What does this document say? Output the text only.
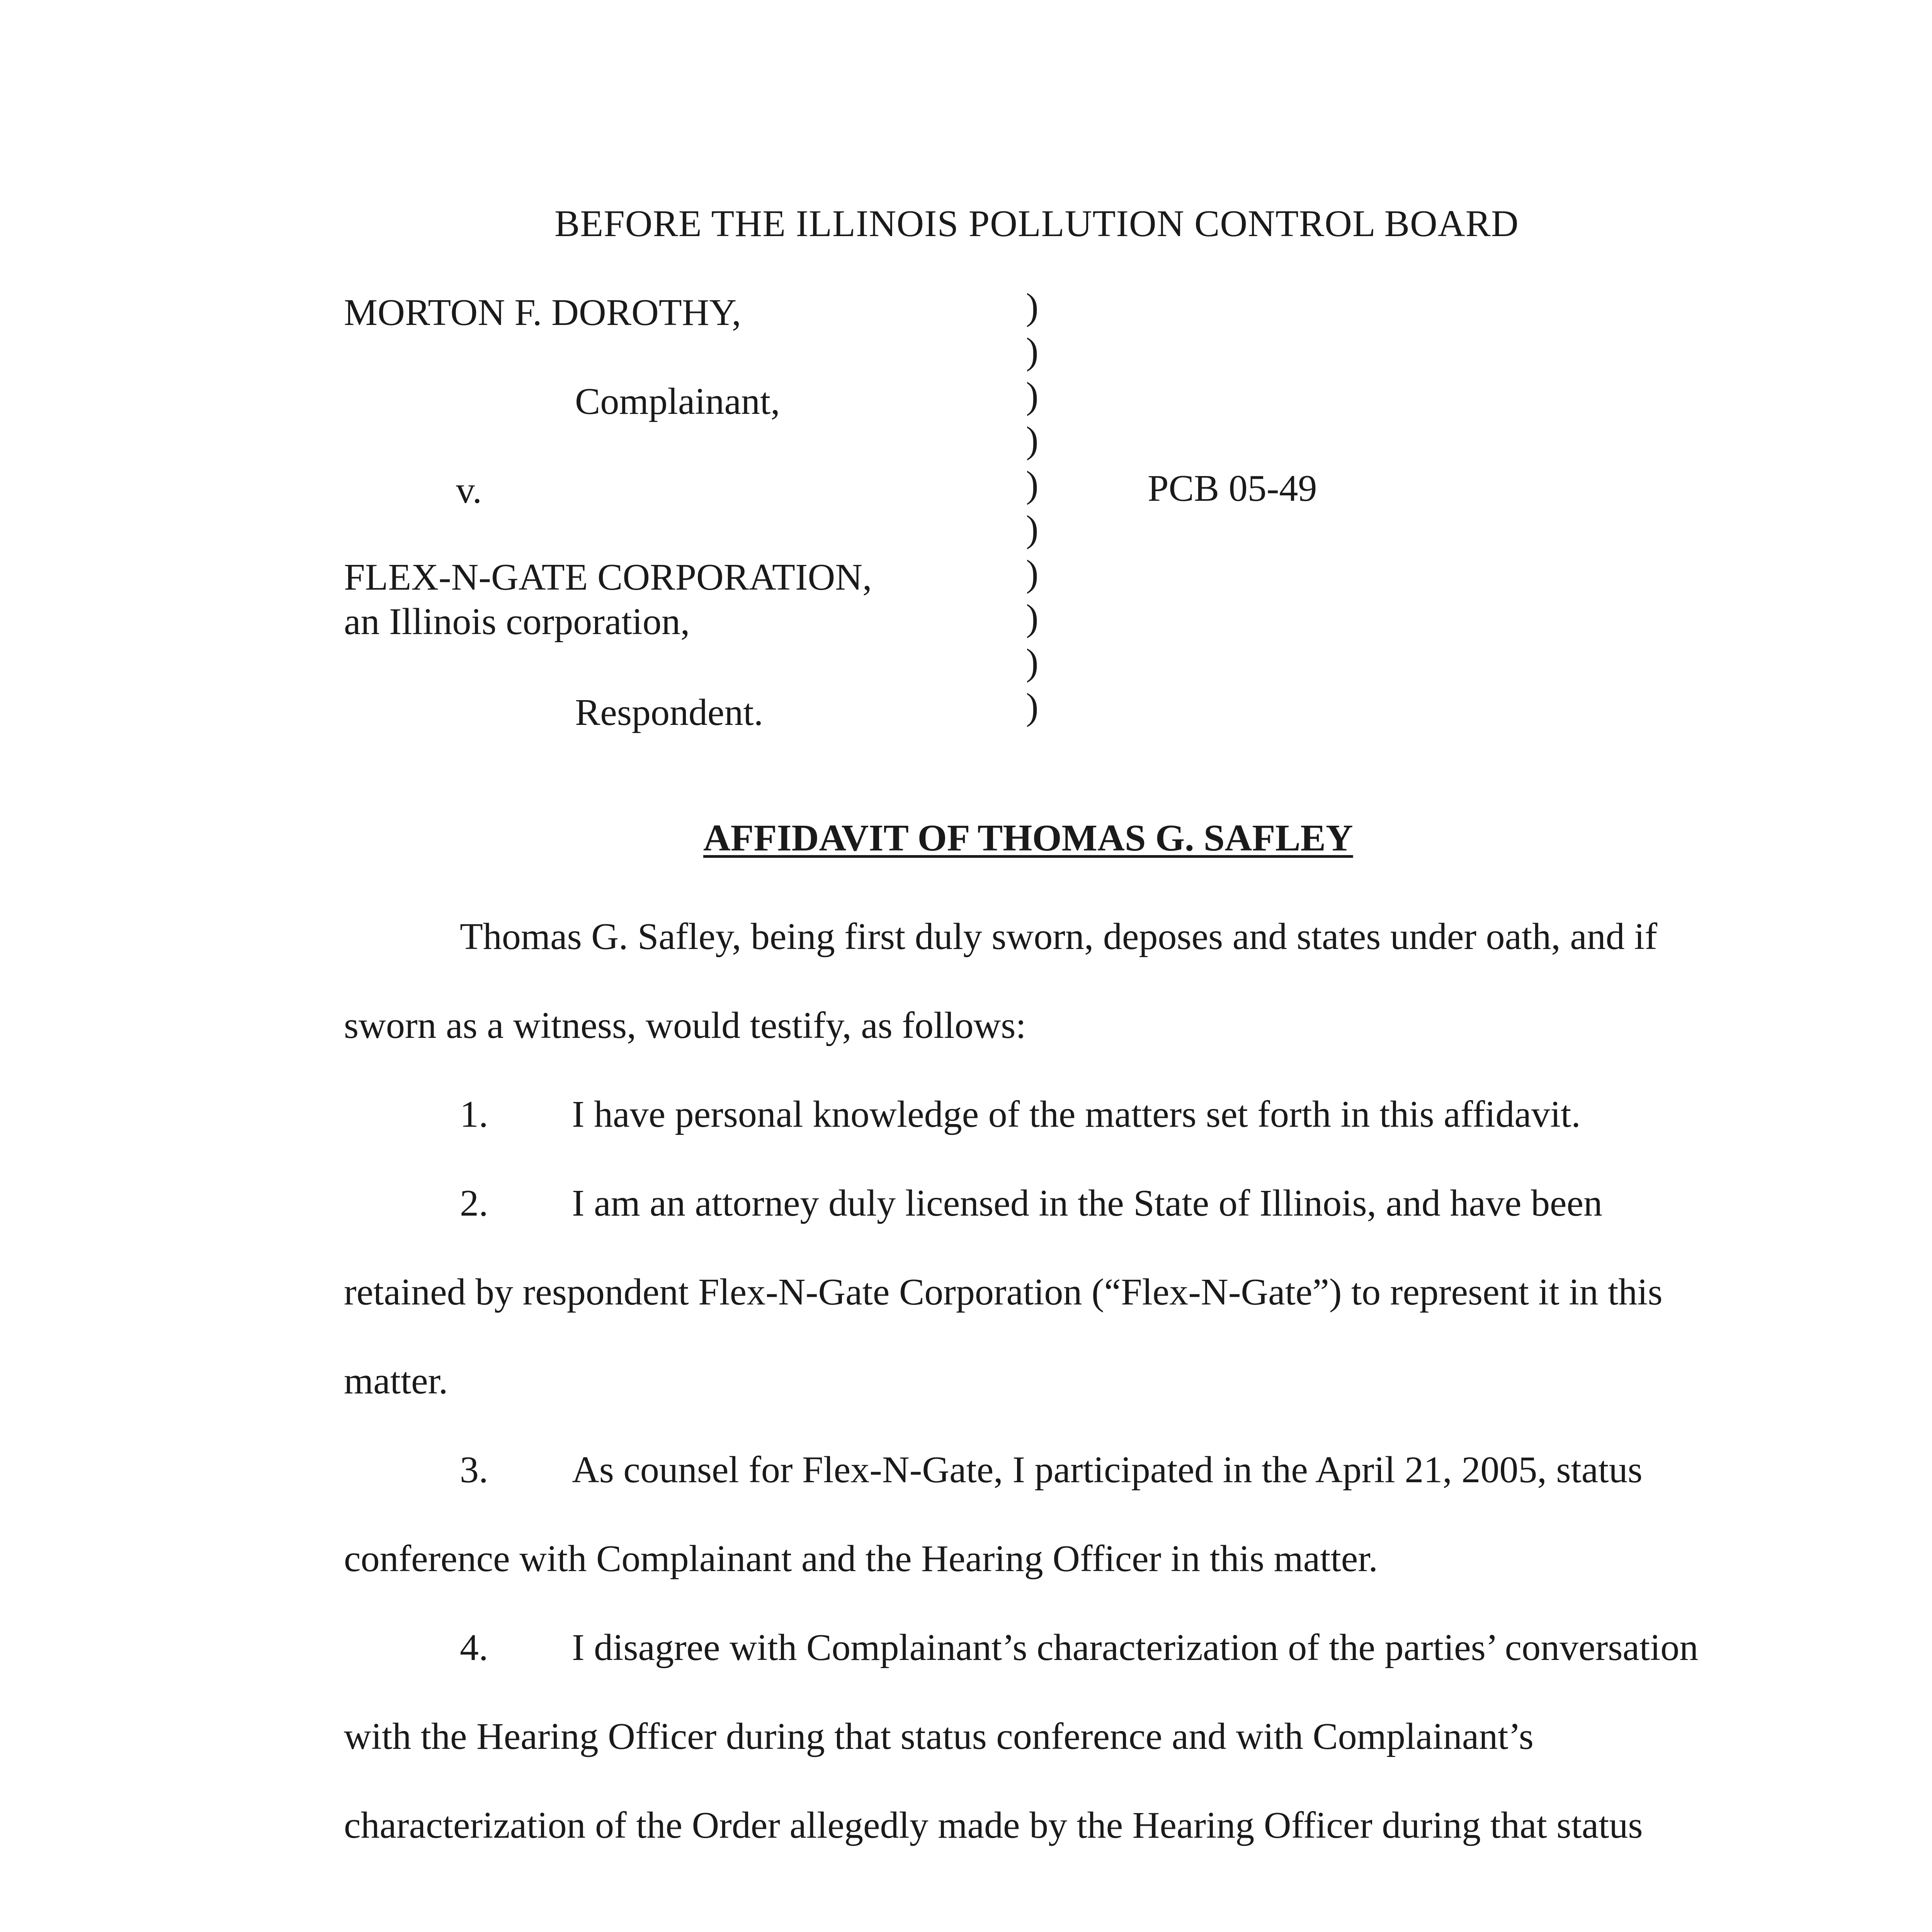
BEFORE THE ILLINOIS POLLUTION CONTROL BOARD
MORTON F. DOROTHY,
Complainant,
v.
FLEX-N-GATE CORPORATION,
an Illinois corporation,
Respondent.
)
)
)
)
)
)
)
)
)
)
PCB 05-49
AFFIDAVIT OF THOMAS G. SAFLEY
Thomas G. Safley, being first duly sworn, deposes and states under oath, and if
sworn as a witness, would testify, as follows:
1. I have personal knowledge of the matters set forth in this affidavit.
2. I am an attorney duly licensed in the State of Illinois, and have been
retained by respondent Flex-N-Gate Corporation (“Flex-N-Gate”) to represent it in this
matter.
3. As counsel for Flex-N-Gate, I participated in the April 21, 2005, status
conference with Complainant and the Hearing Officer in this matter.
4. I disagree with Complainant’s characterization of the parties’ conversation
with the Hearing Officer during that status conference and with Complainant’s
characterization of the Order allegedly made by the Hearing Officer during that status
